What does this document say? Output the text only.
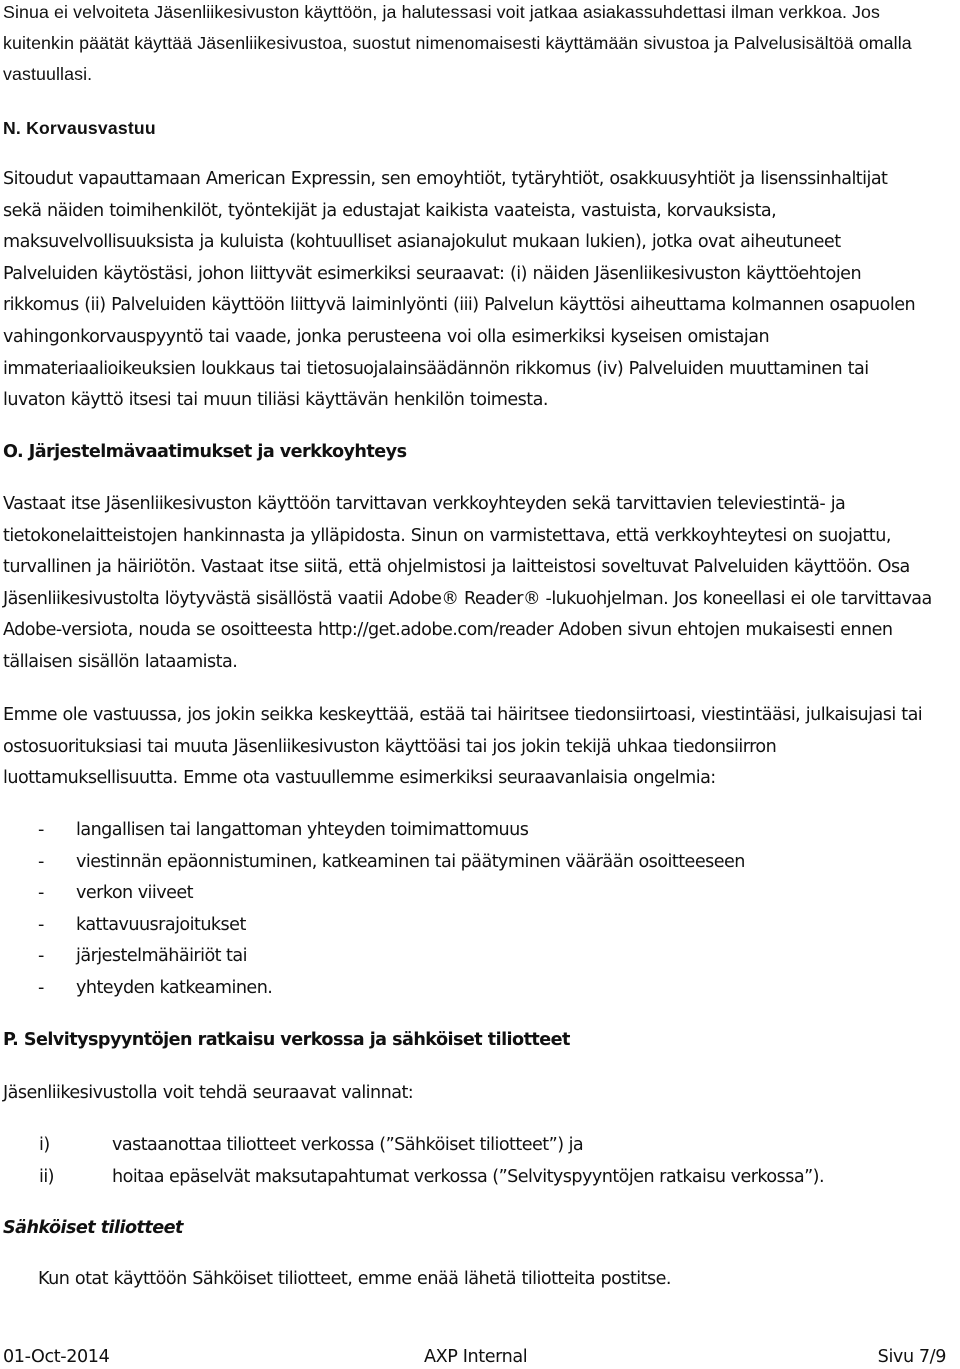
Sinua ei velvoiteta Jäsenliikesivuston käyttöön, ja halutessasi voit jatkaa asiakassuhdettasi ilman verkkoa. Jos kuitenkin päätät käyttää Jäsenliikesivustoa, suostut nimenomaisesti käyttämään sivustoa ja Palvelusisältöä omalla vastuullasi.

N. Korvausvastuu

Sitoudut vapauttamaan American Expressin, sen emoyhtiöt, tytäryhtiöt, osakkuusyhtiöt ja lisenssinhaltijat sekä näiden toimihenkilöt, työntekijät ja edustajat kaikista vaateista, vastuista, korvauksista, maksuvelvollisuuksista ja kuluista (kohtuulliset asianajokulut mukaan lukien), jotka ovat aiheutuneet Palveluiden käytöstäsi, johon liittyvät esimerkiksi seuraavat: (i) näiden Jäsenliikesivuston käyttöehtojen rikkomus (ii) Palveluiden käyttöön liittyvä laiminlyönti (iii) Palvelun käyttösi aiheuttama kolmannen osapuolen vahingonkorvauspyyntö tai vaade, jonka perusteena voi olla esimerkiksi kyseisen omistajan immateriaalioikeuksien loukkaus tai tietosuojalainsäädännön rikkomus (iv) Palveluiden muuttaminen tai luvaton käyttö itsesi tai muun tiliäsi käyttävän henkilön toimesta.

O. Järjestelmävaatimukset ja verkkoyhteys

Vastaat itse Jäsenliikesivuston käyttöön tarvittavan verkkoyhteyden sekä tarvittavien televiestintä- ja tietokonelaitteistojen hankinnasta ja ylläpidosta. Sinun on varmistettava, että verkkoyhteytesi on suojattu, turvallinen ja häiriötön. Vastaat itse siitä, että ohjelmistosi ja laitteistosi soveltuvat Palveluiden käyttöön. Osa Jäsenliikesivustolta löytyvästä sisällöstä vaatii Adobe® Reader® -lukuohjelman. Jos koneellasi ei ole tarvittavaa Adobe-versiota, nouda se osoitteesta http://get.adobe.com/reader Adoben sivun ehtojen mukaisesti ennen tällaisen sisällön lataamista.

Emme ole vastuussa, jos jokin seikka keskeyttää, estää tai häiritsee tiedonsiirtoasi, viestintääsi, julkaisujasi tai ostosuorituksiasi tai muuta Jäsenliikesivuston käyttöäsi tai jos jokin tekijä uhkaa tiedonsiirron luottamuksellisuutta. Emme ota vastuullemme esimerkiksi seuraavanlaisia ongelmia:

- langallisen tai langattoman yhteyden toimimattomuus
- viestinnän epäonnistuminen, katkeaminen tai päätyminen väärään osoitteeseen
- verkon viiveet
- kattavuusrajoitukset
- järjestelmähäiriöt tai
- yhteyden katkeaminen.
P. Selvityspyyntöjen ratkaisu verkossa ja sähköiset tiliotteet

Jäsenliikesivustolla voit tehdä seuraavat valinnat:

i)	vastaanottaa tiliotteet verkossa (”Sähköiset tiliotteet”) ja
ii)	hoitaa epäselvät maksutapahtumat verkossa (”Selvityspyyntöjen ratkaisu verkossa”).
Sähköiset tiliotteet

Kun otat käyttöön Sähköiset tiliotteet, emme enää lähetä tiliotteita postitse.

01-Oct-2014	AXP Internal	Sivu 7/9
